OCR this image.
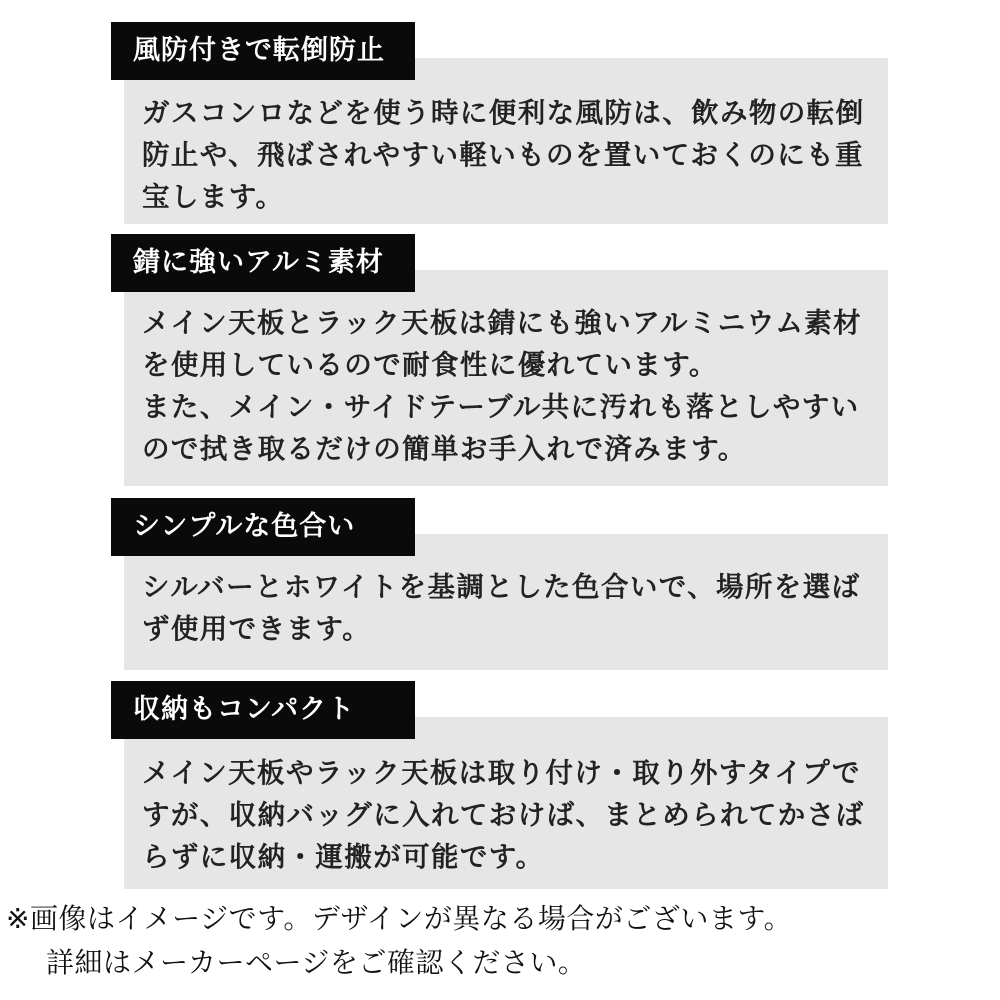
風防付きで転倒防止
ガスコンロなどを使う時に便利な風防は、飲み物の転倒
防止や、飛ばされやすい軽いものを置いておくのにも重
宝します。
錆に強いアルミ素材
メイン天板とラック天板は錆にも強いアルミニウム素材
を使用しているので耐食性に優れています。
また、メイン・サイドテーブル共に汚れも落としやすい
ので拭き取るだけの簡単お手入れで済みます。
シンプルな色合い
シルバーとホワイトを基調とした色合いで、場所を選ば
ず使用できます。
収納もコンパクト
メイン天板やラック天板は取り付け・取り外すタイプで
すが、収納バッグに入れておけば、まとめられてかさば
らずに収納・運搬が可能です。
※画像はイメージです。デザインが異なる場合がございます。
詳細はメーカーページをご確認ください。
